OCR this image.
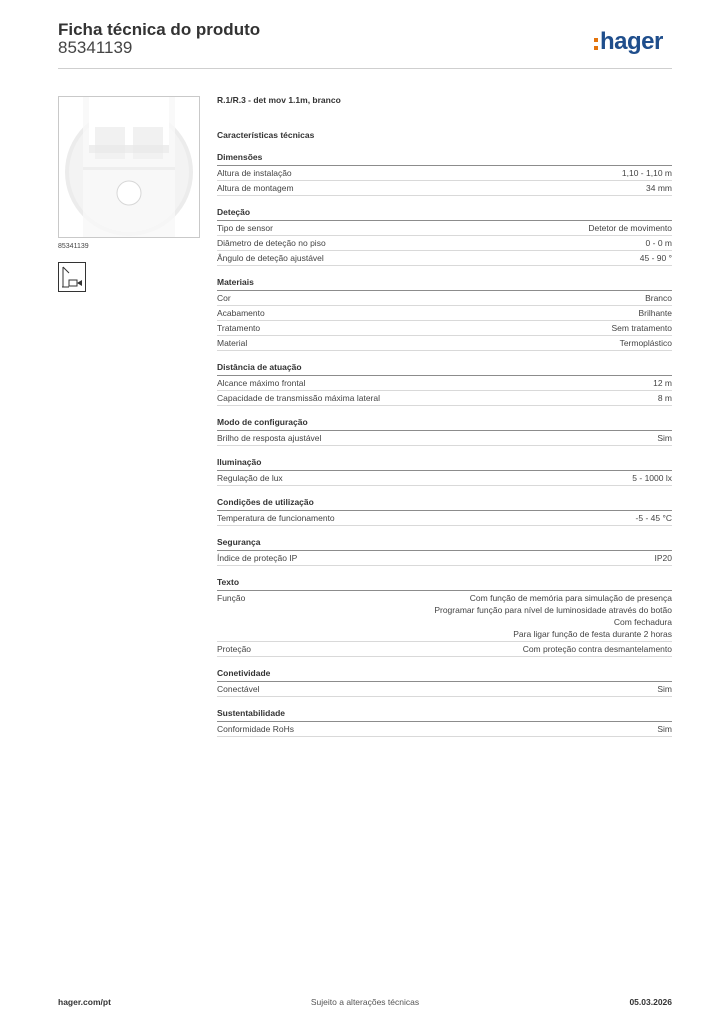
Ficha técnica do produto
85341139	hager
85341139
R.1/R.3 - det mov 1.1m, branco
Características técnicas
Dimensões
Altura de instalação	1,10 - 1,10 m
Altura de montagem	34 mm
Deteção
Tipo de sensor	Detetor de movimento
Diâmetro de deteção no piso	0 - 0 m
Ângulo de deteção ajustável	45 - 90 °
Materiais
Cor	Branco
Acabamento	Brilhante
Tratamento	Sem tratamento
Material	Termoplástico
Distância de atuação
Alcance máximo frontal	12 m
Capacidade de transmissão máxima lateral	8 m
Modo de configuração
Brilho de resposta ajustável	Sim
Iluminação
Regulação de lux	5 - 1000 lx
Condições de utilização
Temperatura de funcionamento	-5 - 45 °C
Segurança
Índice de proteção IP	IP20
Texto
Função	Com função de memória para simulação de presença
Programar função para nível de luminosidade através do botão
Com fechadura
Para ligar função de festa durante 2 horas
Proteção	Com proteção contra desmantelamento
Conetividade
Conectável	Sim
Sustentabilidade
Conformidade RoHs	Sim
hager.com/pt	Sujeito a alterações técnicas	05.03.2026
